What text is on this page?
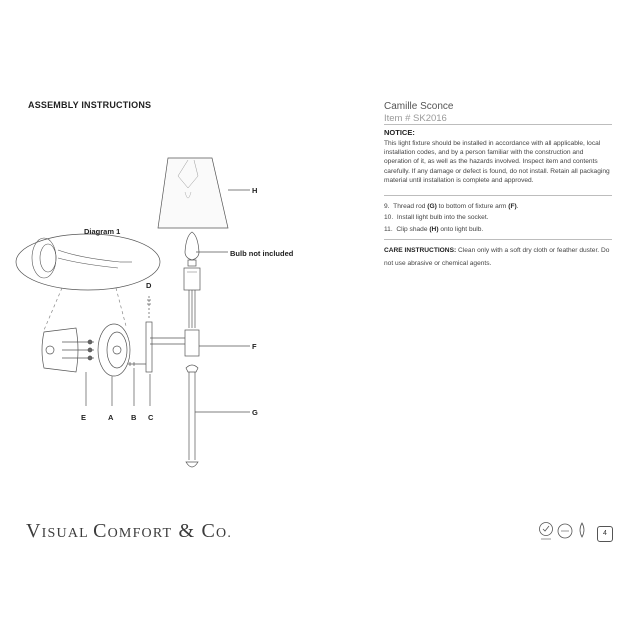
ASSEMBLY INSTRUCTIONS	Camille Sconce
Item # SK2016
NOTICE:
This light fixture should be installed in accordance with all applicable, local installation codes, and by a person familiar with the construction and operation of it, as well as the hazards involved. Inspect item and contents carefully. If any damage or defect is found, do not install. Retain all packaging material until installation is complete and approved.
9. Thread rod (G) to bottom of fixture arm (F).
10. Install light bulb into the socket.
11. Clip shade (H) onto light bulb.
CARE INSTRUCTIONS: Clean only with a soft dry cloth or feather duster. Do not use abrasive or chemical agents.
Diagram 1
Bulb not included
H
D
F
G
E	A B C
VISUAL COMFORT & CO.	4
